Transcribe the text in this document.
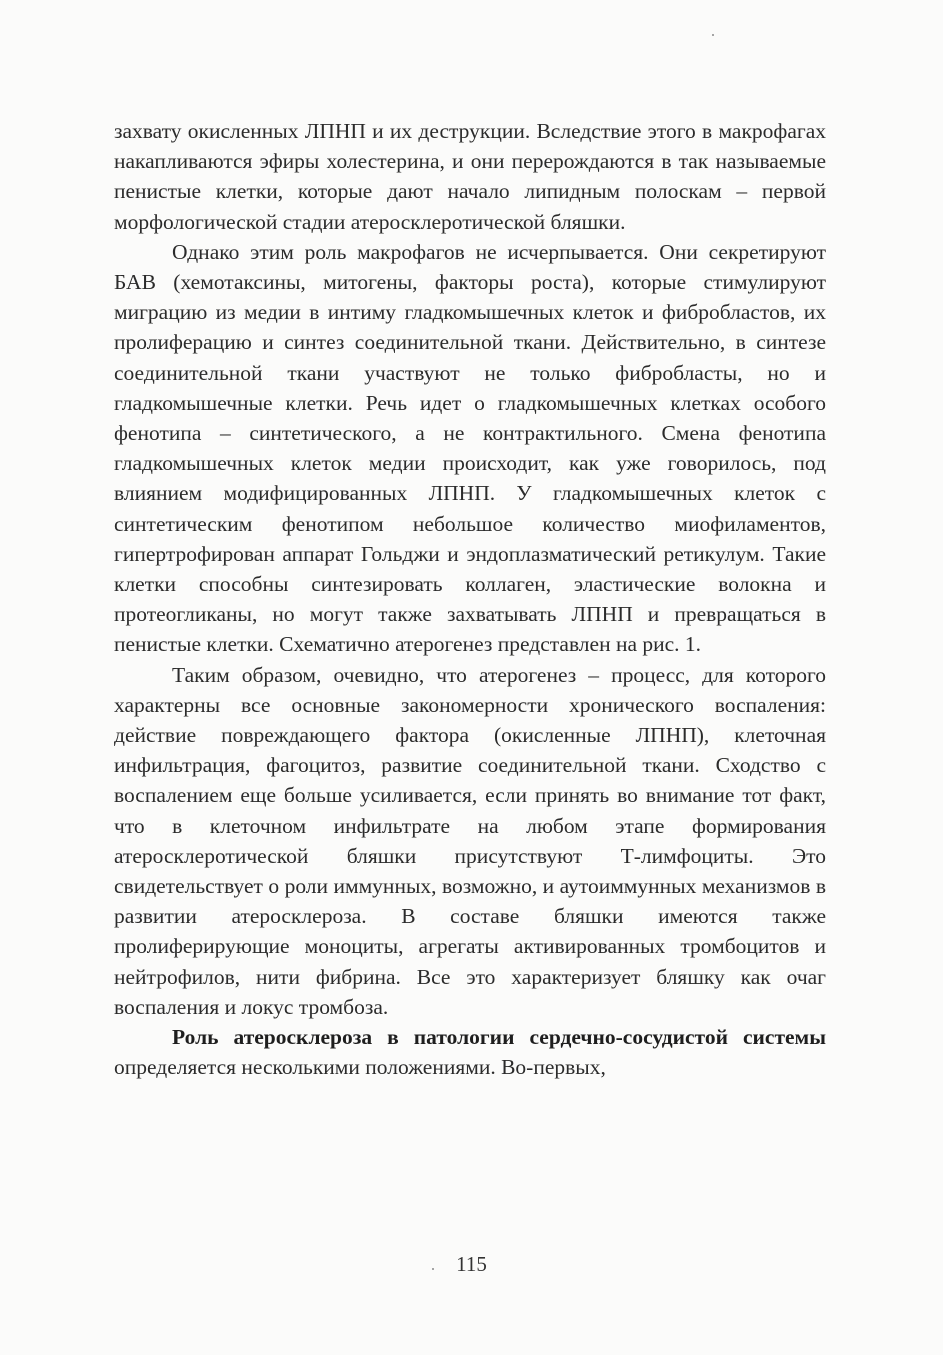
захвату окисленных ЛПНП и их деструкции. Вследствие этого в макрофагах накапливаются эфиры холестерина, и они перерождаются в так называемые пенистые клетки, которые дают начало липидным полоскам – первой морфологической стадии атеросклеротической бляшки.

Однако этим роль макрофагов не исчерпывается. Они секретируют БАВ (хемотаксины, митогены, факторы роста), которые стимулируют миграцию из медии в интиму гладкомышечных клеток и фибробластов, их пролиферацию и синтез соединительной ткани. Действительно, в синтезе соединительной ткани участвуют не только фибробласты, но и гладкомышечные клетки. Речь идет о гладкомышечных клетках особого фенотипа – синтетического, а не контрактильного. Смена фенотипа гладкомышечных клеток медии происходит, как уже говорилось, под влиянием модифицированных ЛПНП. У гладкомышечных клеток с синтетическим фенотипом небольшое количество миофиламентов, гипертрофирован аппарат Гольджи и эндоплазматический ретикулум. Такие клетки способны синтезировать коллаген, эластические волокна и протеогликаны, но могут также захватывать ЛПНП и превращаться в пенистые клетки. Схематично атерогенез представлен на рис. 1.

Таким образом, очевидно, что атерогенез – процесс, для которого характерны все основные закономерности хронического воспаления: действие повреждающего фактора (окисленные ЛПНП), клеточная инфильтрация, фагоцитоз, развитие соединительной ткани. Сходство с воспалением еще больше усиливается, если принять во внимание тот факт, что в клеточном инфильтрате на любом этапе формирования атеросклеротической бляшки присутствуют Т-лимфоциты. Это свидетельствует о роли иммунных, возможно, и аутоиммунных механизмов в развитии атеросклероза. В составе бляшки имеются также пролиферирующие моноциты, агрегаты активированных тромбоцитов и нейтрофилов, нити фибрина. Все это характеризует бляшку как очаг воспаления и локус тромбоза.

Роль атеросклероза в патологии сердечно-сосудистой системы определяется несколькими положениями. Во-первых,

115
